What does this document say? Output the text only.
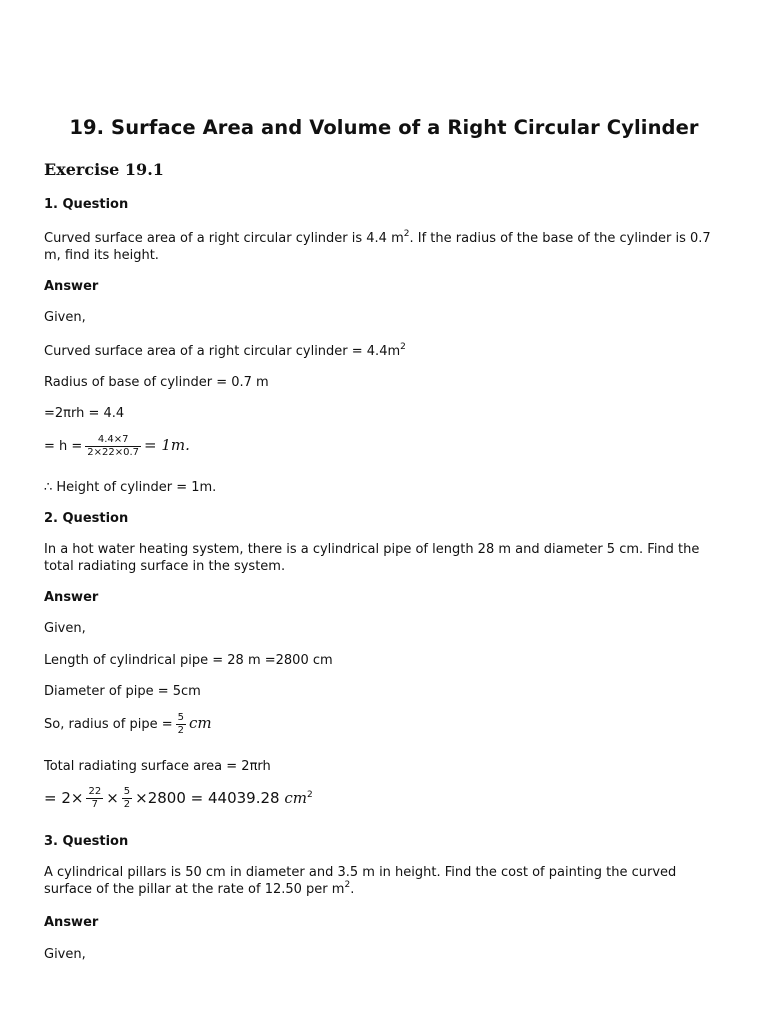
19. Surface Area and Volume of a Right Circular Cylinder
Exercise 19.1

1. Question

Curved surface area of a right circular cylinder is 4.4 $m^2$. If the radius of the base of the cylinder is 0.7 m, find its height.

Answer

Given,

Curved surface area of a right circular cylinder = $4.4m^2$

Radius of base of cylinder = 0.7 m

=2πrh = 4.4

= $h = \frac{4.4\times 7}{2\times 22\times 0.7} = 1m$.

∴ Height of cylinder = 1m.

2. Question

In a hot water heating system, there is a cylindrical pipe of length 28 m and diameter 5 cm. Find the total radiating surface in the system.

Answer

Given,

Length of cylindrical pipe = 28 m =2800 cm

Diameter of pipe = 5cm

So, radius of pipe = $\frac{5}{2}$ cm

Total radiating surface area = 2πrh

= $2\times \frac{22}{7} \times \frac{5}{2} \times 2800 = 44039.28$ $cm^2$

3. Question

A cylindrical pillars is 50 cm in diameter and 3.5 m in height. Find the cost of painting the curved surface of the pillar at the rate of 12.50 per $m^2$.

Answer

Given,
